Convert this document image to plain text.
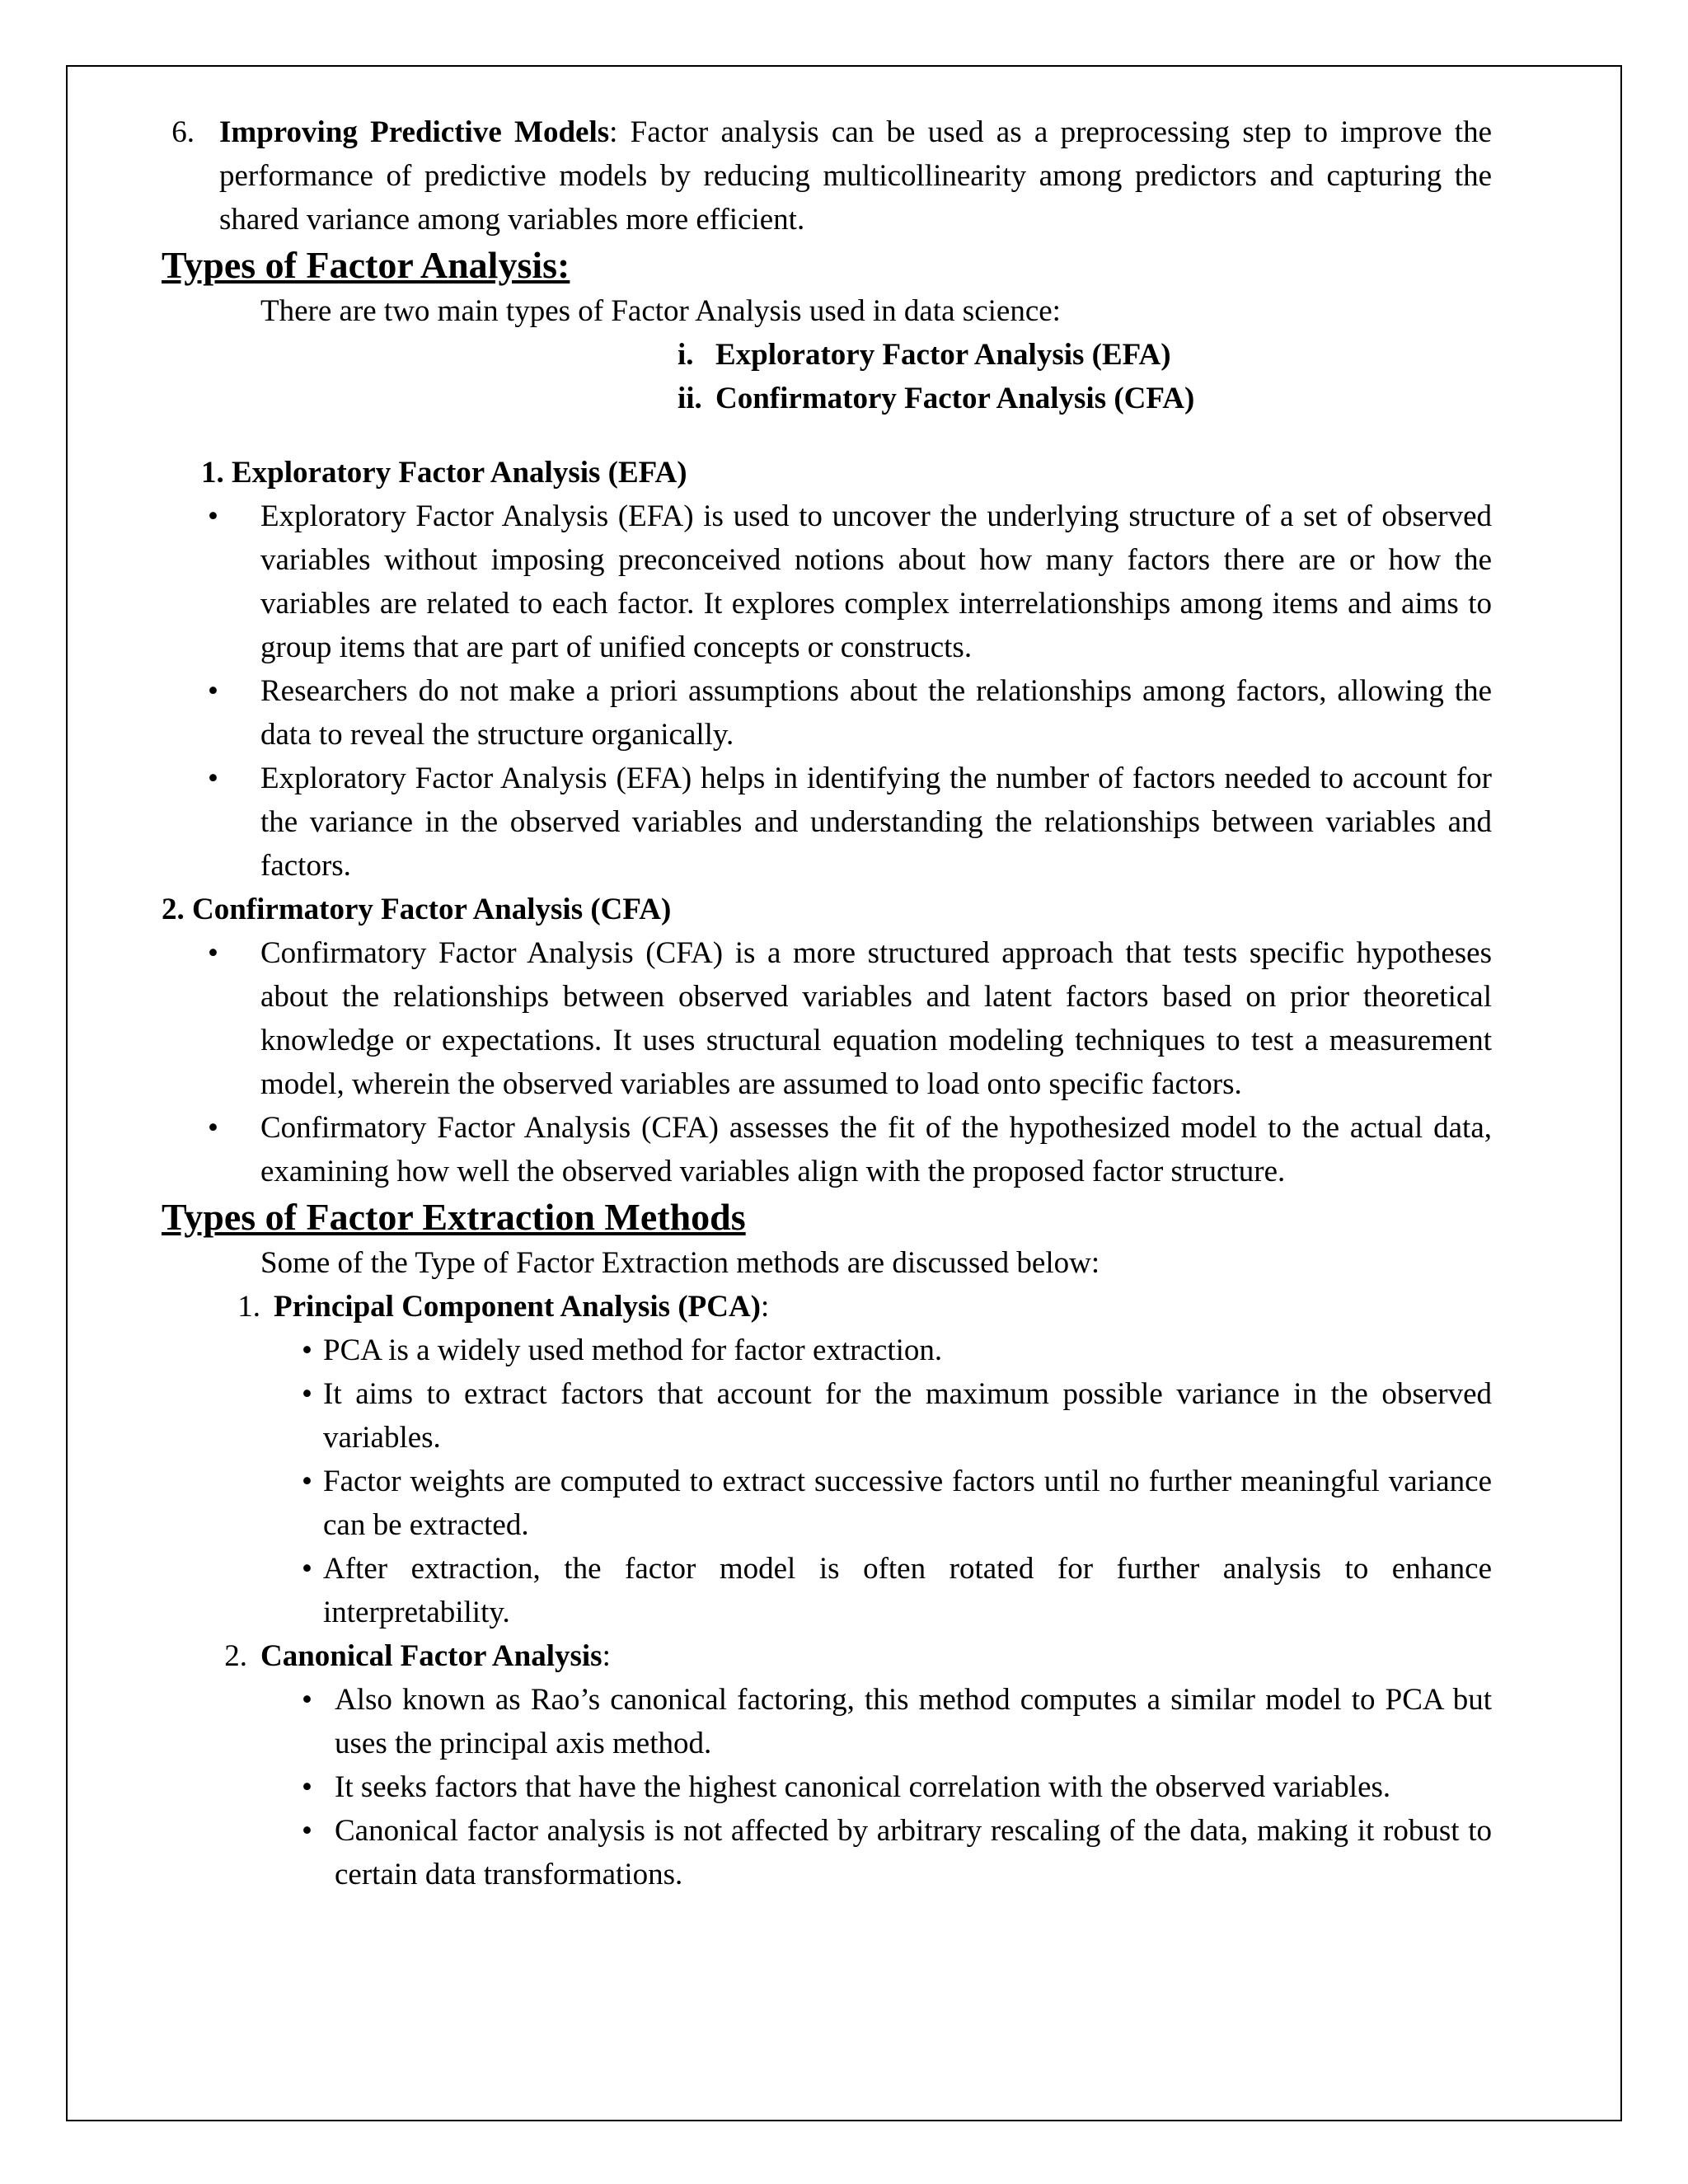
6. Improving Predictive Models: Factor analysis can be used as a preprocessing step to improve the performance of predictive models by reducing multicollinearity among predictors and capturing the shared variance among variables more efficient.

Types of Factor Analysis:

There are two main types of Factor Analysis used in data science:

i. Exploratory Factor Analysis (EFA)
ii. Confirmatory Factor Analysis (CFA)

1. Exploratory Factor Analysis (EFA)

• Exploratory Factor Analysis (EFA) is used to uncover the underlying structure of a set of observed variables without imposing preconceived notions about how many factors there are or how the variables are related to each factor. It explores complex interrelationships among items and aims to group items that are part of unified concepts or constructs.

• Researchers do not make a priori assumptions about the relationships among factors, allowing the data to reveal the structure organically.

• Exploratory Factor Analysis (EFA) helps in identifying the number of factors needed to account for the variance in the observed variables and understanding the relationships between variables and factors.

2. Confirmatory Factor Analysis (CFA)

• Confirmatory Factor Analysis (CFA) is a more structured approach that tests specific hypotheses about the relationships between observed variables and latent factors based on prior theoretical knowledge or expectations. It uses structural equation modeling techniques to test a measurement model, wherein the observed variables are assumed to load onto specific factors.

• Confirmatory Factor Analysis (CFA) assesses the fit of the hypothesized model to the actual data, examining how well the observed variables align with the proposed factor structure.

Types of Factor Extraction Methods

Some of the Type of Factor Extraction methods are discussed below:

1. Principal Component Analysis (PCA):

• PCA is a widely used method for factor extraction.

• It aims to extract factors that account for the maximum possible variance in the observed variables.

• Factor weights are computed to extract successive factors until no further meaningful variance can be extracted.

• After extraction, the factor model is often rotated for further analysis to enhance interpretability.

2. Canonical Factor Analysis:

• Also known as Rao’s canonical factoring, this method computes a similar model to PCA but uses the principal axis method.

• It seeks factors that have the highest canonical correlation with the observed variables.

• Canonical factor analysis is not affected by arbitrary rescaling of the data, making it robust to certain data transformations.
